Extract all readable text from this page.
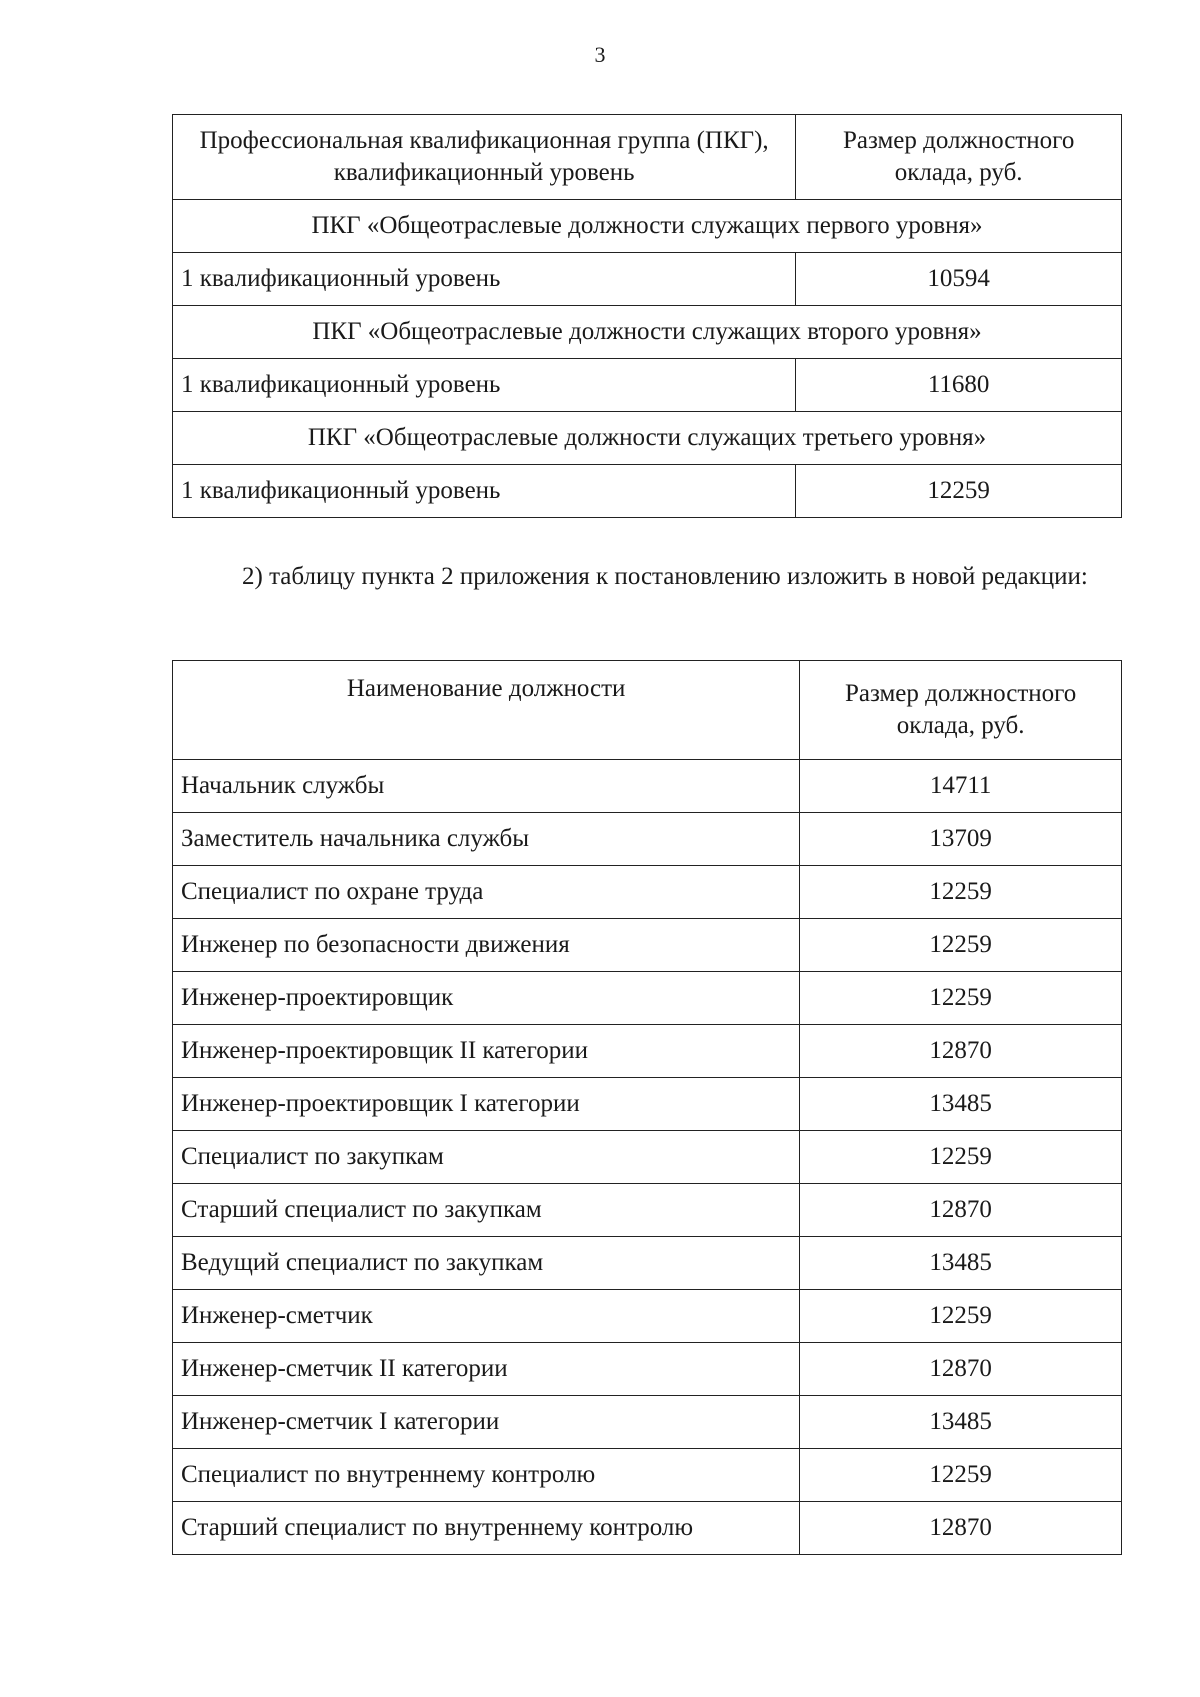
3
Профессиональная квалификационная группа (ПКГ), квалификационный уровень	Размер должностного оклада, руб.
ПКГ «Общеотраслевые должности служащих первого уровня»	
1 квалификационный уровень	10594
ПКГ «Общеотраслевые должности служащих второго уровня»	
1 квалификационный уровень	11680
ПКГ «Общеотраслевые должности служащих третьего уровня»	
1 квалификационный уровень	12259

2) таблицу пункта 2 приложения к постановлению изложить в новой редакции:

Наименование должности	Размер должностного оклада, руб.
Начальник службы	14711
Заместитель начальника службы	13709
Специалист по охране труда	12259
Инженер по безопасности движения	12259
Инженер-проектировщик	12259
Инженер-проектировщик II категории	12870
Инженер-проектировщик I категории	13485
Специалист по закупкам	12259
Старший специалист по закупкам	12870
Ведущий специалист по закупкам	13485
Инженер-сметчик	12259
Инженер-сметчик II категории	12870
Инженер-сметчик I категории	13485
Специалист по внутреннему контролю	12259
Старший специалист по внутреннему контролю	12870
